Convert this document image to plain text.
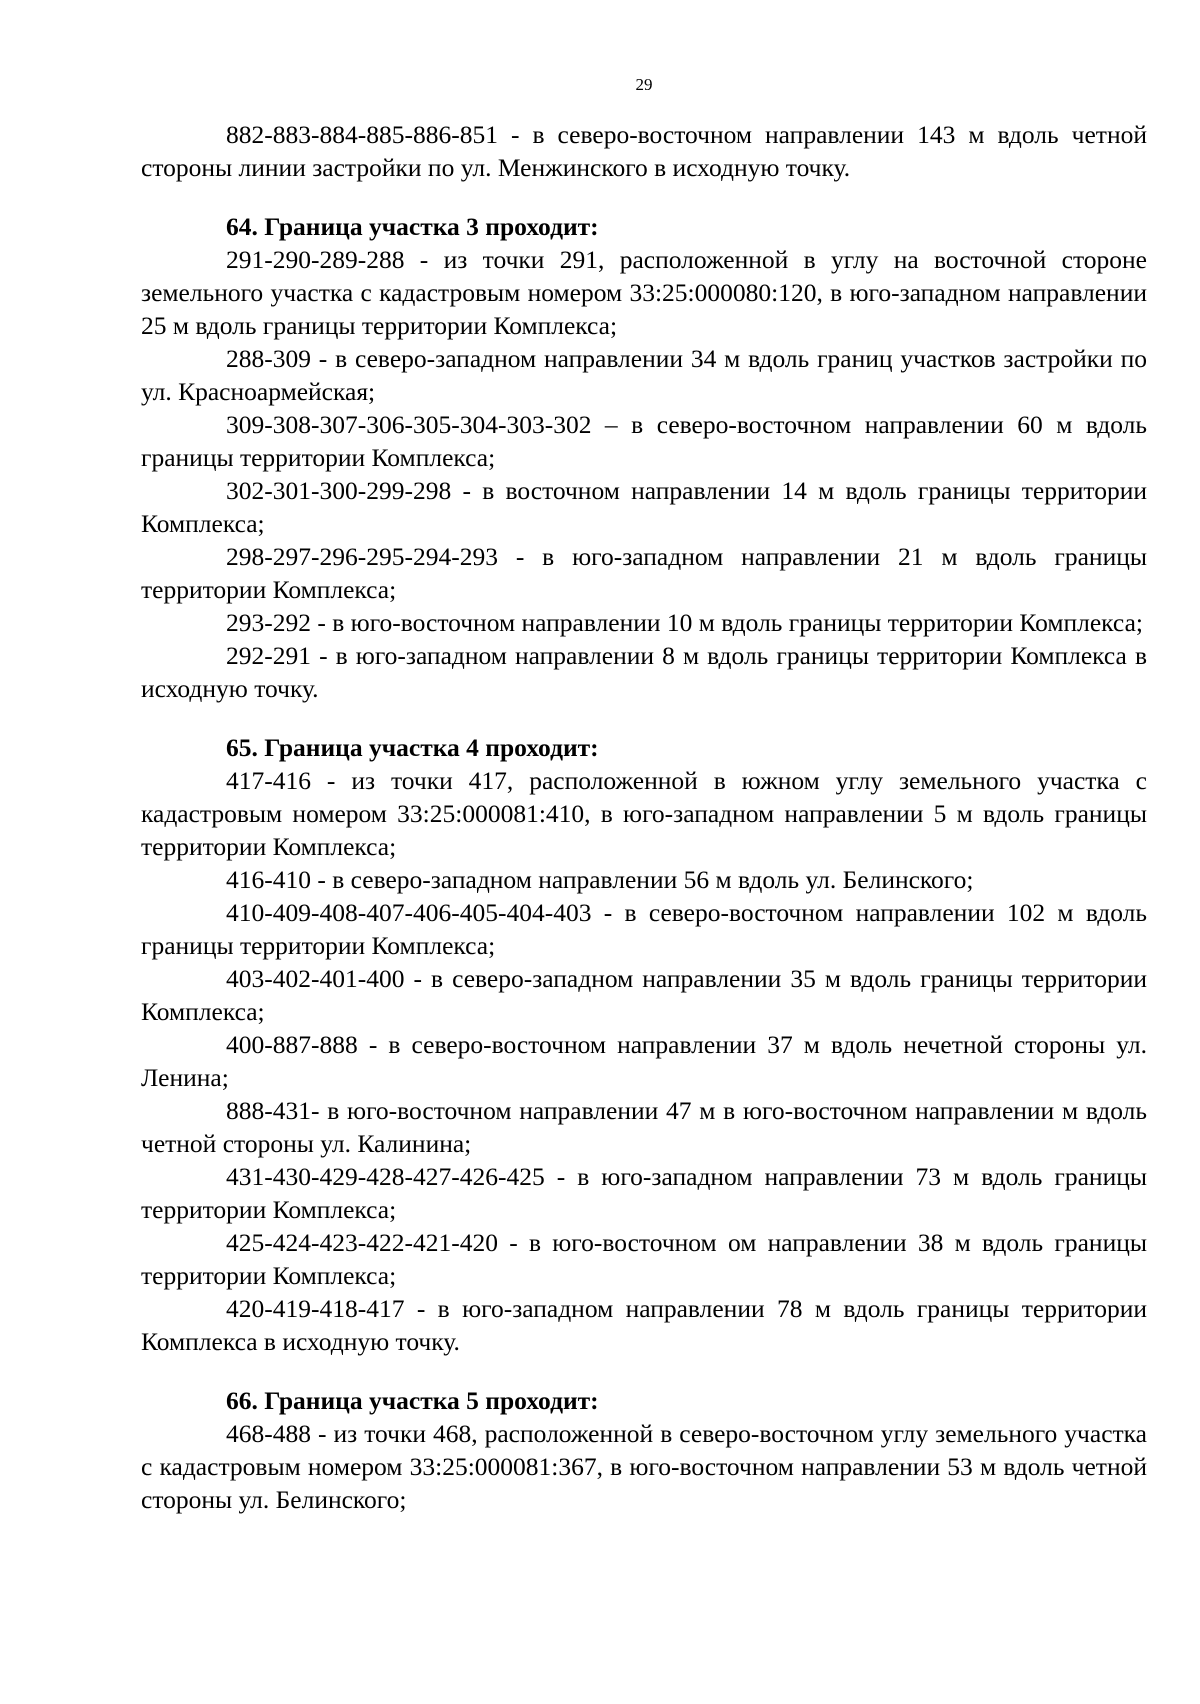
29

882-883-884-885-886-851 - в северо-восточном направлении 143 м вдоль четной стороны линии застройки по ул. Менжинского в исходную точку.

64. Граница участка 3 проходит:

291-290-289-288 - из точки 291, расположенной в углу на восточной стороне земельного участка с кадастровым номером 33:25:000080:120, в юго-западном направлении 25 м вдоль границы территории Комплекса;

288-309 - в северо-западном направлении 34 м вдоль границ участков застройки по ул. Красноармейская;

309-308-307-306-305-304-303-302 – в северо-восточном направлении 60 м вдоль границы территории Комплекса;

302-301-300-299-298 - в восточном направлении 14 м вдоль границы территории Комплекса;

298-297-296-295-294-293 - в юго-западном направлении 21 м вдоль границы территории Комплекса;

293-292 - в юго-восточном направлении 10 м вдоль границы территории Комплекса;

292-291 - в юго-западном направлении 8 м вдоль границы территории Комплекса в исходную точку.

65. Граница участка 4 проходит:

417-416 - из точки 417, расположенной в южном углу земельного участка с кадастровым номером 33:25:000081:410, в юго-западном направлении 5 м вдоль границы территории Комплекса;

416-410 - в северо-западном направлении 56 м вдоль ул. Белинского;

410-409-408-407-406-405-404-403 - в северо-восточном направлении 102 м вдоль границы территории Комплекса;

403-402-401-400 - в северо-западном направлении 35 м вдоль границы территории Комплекса;

400-887-888 - в северо-восточном направлении 37 м вдоль нечетной стороны ул. Ленина;

888-431- в юго-восточном направлении 47 м в юго-восточном направлении м вдоль четной стороны ул. Калинина;

431-430-429-428-427-426-425 - в юго-западном направлении 73 м вдоль границы территории Комплекса;

425-424-423-422-421-420 - в юго-восточном ом направлении 38 м вдоль границы территории Комплекса;

420-419-418-417 - в юго-западном направлении 78 м вдоль границы территории Комплекса в исходную точку.

66. Граница участка 5 проходит:

468-488 - из точки 468, расположенной в северо-восточном углу земельного участка с кадастровым номером 33:25:000081:367, в юго-восточном направлении 53 м вдоль четной стороны ул. Белинского;
